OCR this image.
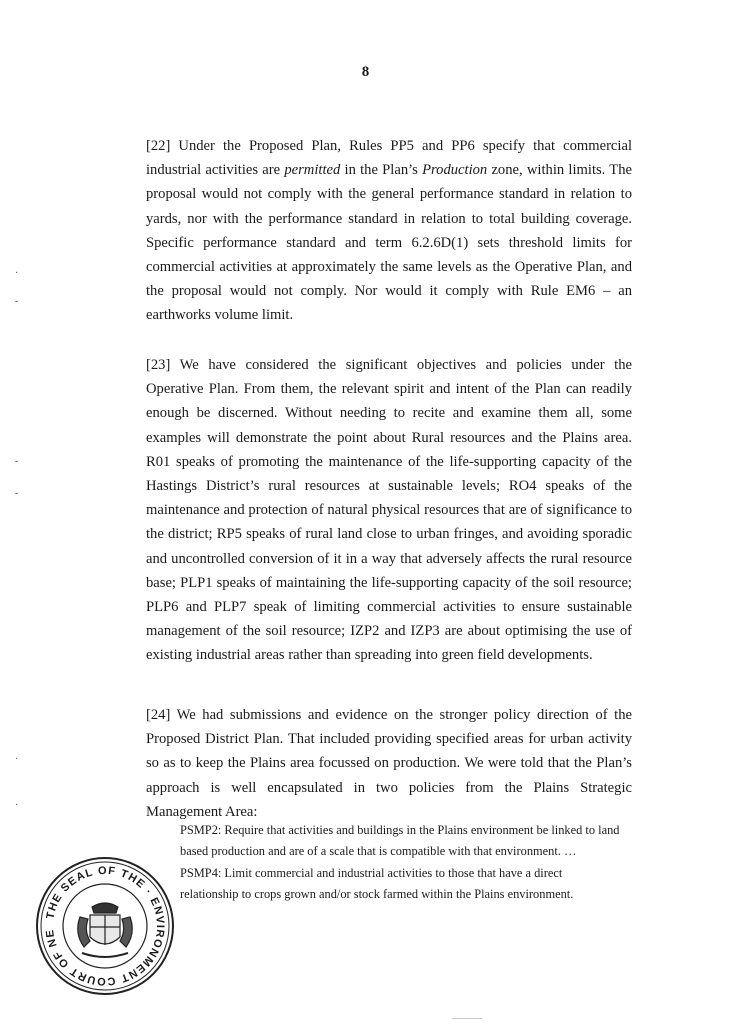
8

[22] Under the Proposed Plan, Rules PP5 and PP6 specify that commercial industrial activities are permitted in the Plan’s Production zone, within limits. The proposal would not comply with the general performance standard in relation to yards, nor with the performance standard in relation to total building coverage. Specific performance standard and term 6.2.6D(1) sets threshold limits for commercial activities at approximately the same levels as the Operative Plan, and the proposal would not comply. Nor would it comply with Rule EM6 – an earthworks volume limit.

[23] We have considered the significant objectives and policies under the Operative Plan. From them, the relevant spirit and intent of the Plan can readily enough be discerned. Without needing to recite and examine them all, some examples will demonstrate the point about Rural resources and the Plains area. R01 speaks of promoting the maintenance of the life-supporting capacity of the Hastings District’s rural resources at sustainable levels; RO4 speaks of the maintenance and protection of natural physical resources that are of significance to the district; RP5 speaks of rural land close to urban fringes, and avoiding sporadic and uncontrolled conversion of it in a way that adversely affects the rural resource base; PLP1 speaks of maintaining the life-supporting capacity of the soil resource; PLP6 and PLP7 speak of limiting commercial activities to ensure sustainable management of the soil resource; IZP2 and IZP3 are about optimising the use of existing industrial areas rather than spreading into green field developments.

[24] We had submissions and evidence on the stronger policy direction of the Proposed District Plan. That included providing specified areas for urban activity so as to keep the Plains area focussed on production. We were told that the Plan’s approach is well encapsulated in two policies from the Plains Strategic Management Area:

PSMP2: Require that activities and buildings in the Plains environment be linked to land based production and are of a scale that is compatible with that environment. …

PSMP4: Limit commercial and industrial activities to those that have a direct relationship to crops grown and/or stock farmed within the Plains environment.

·
-
-
-
·
·
THE SEAL OF THE · ENVIRONMENT COURT OF NE
